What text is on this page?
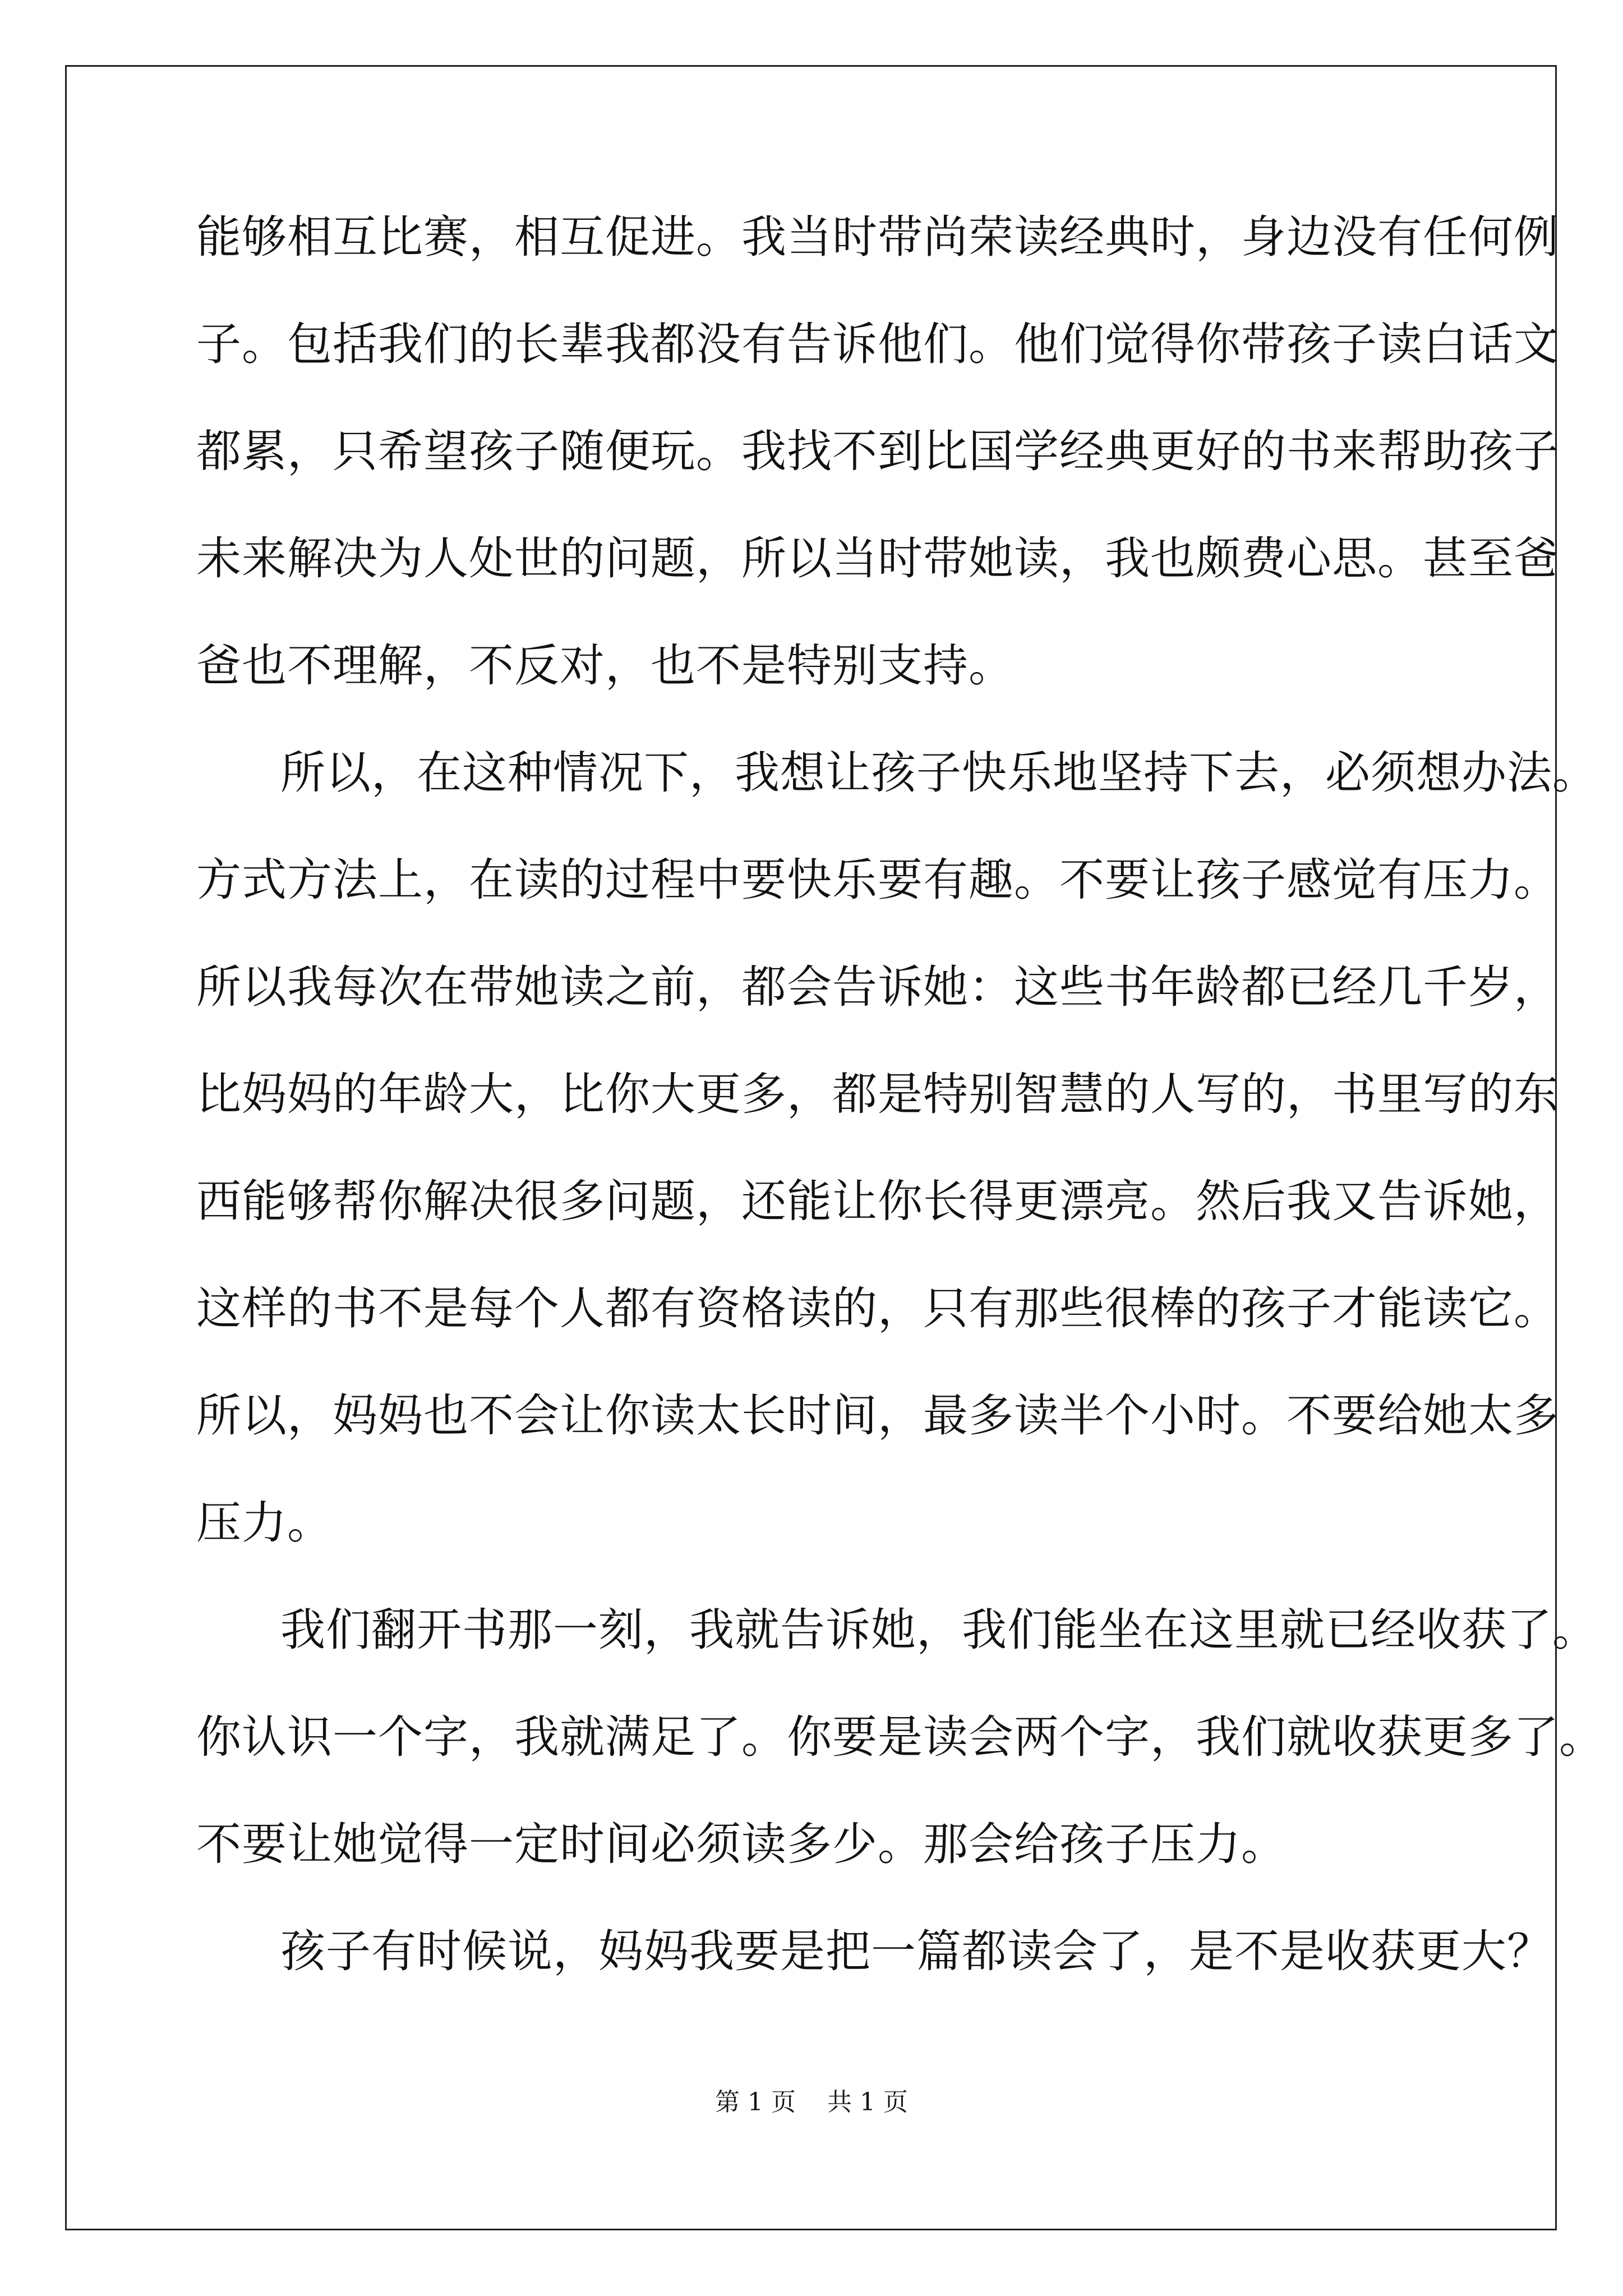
能够相互比赛，相互促进。我当时带尚荣读经典时，身边没有任何例
子。包括我们的长辈我都没有告诉他们。他们觉得你带孩子读白话文
都累，只希望孩子随便玩。我找不到比国学经典更好的书来帮助孩子
未来解决为人处世的问题，所以当时带她读，我也颇费心思。甚至爸
爸也不理解，不反对，也不是特别支持。
所以，在这种情况下，我想让孩子快乐地坚持下去，必须想办法。
方式方法上，在读的过程中要快乐要有趣。不要让孩子感觉有压力。
所以我每次在带她读之前，都会告诉她：这些书年龄都已经几千岁，
比妈妈的年龄大，比你大更多，都是特别智慧的人写的，书里写的东
西能够帮你解决很多问题，还能让你长得更漂亮。然后我又告诉她，
这样的书不是每个人都有资格读的，只有那些很棒的孩子才能读它。
所以，妈妈也不会让你读太长时间，最多读半个小时。不要给她太多
压力。
我们翻开书那一刻，我就告诉她，我们能坐在这里就已经收获了。
你认识一个字，我就满足了。你要是读会两个字，我们就收获更多了。
不要让她觉得一定时间必须读多少。那会给孩子压力。
孩子有时候说，妈妈我要是把一篇都读会了，是不是收获更大？
第 1 页    共 1 页
